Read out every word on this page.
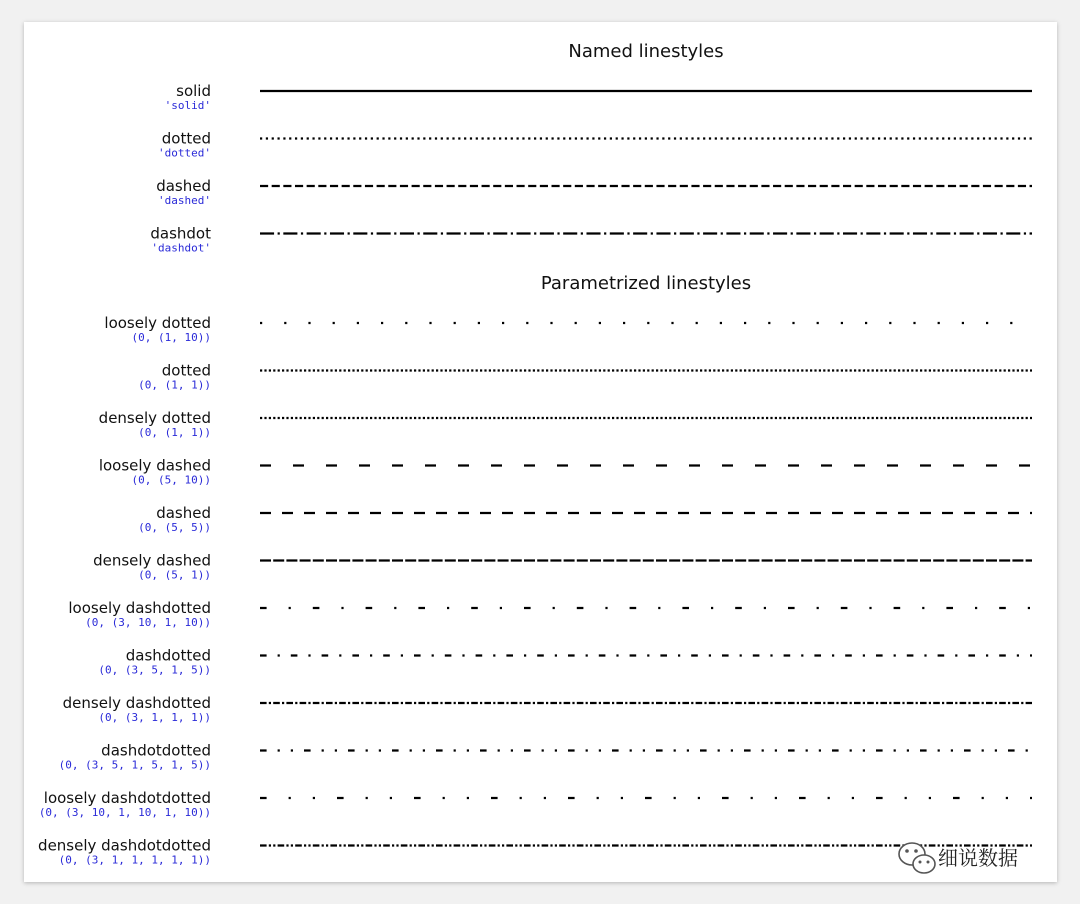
Named linestyles
solid
'solid'
dotted
'dotted'
dashed
'dashed'
dashdot
'dashdot'
Parametrized linestyles
loosely dotted
(0, (1, 10))
dotted
(0, (1, 1))
densely dotted
(0, (1, 1))
loosely dashed
(0, (5, 10))
dashed
(0, (5, 5))
densely dashed
(0, (5, 1))
loosely dashdotted
(0, (3, 10, 1, 10))
dashdotted
(0, (3, 5, 1, 5))
densely dashdotted
(0, (3, 1, 1, 1))
dashdotdotted
(0, (3, 5, 1, 5, 1, 5))
loosely dashdotdotted
(0, (3, 10, 1, 10, 1, 10))
densely dashdotdotted
(0, (3, 1, 1, 1, 1, 1))	细说数据
